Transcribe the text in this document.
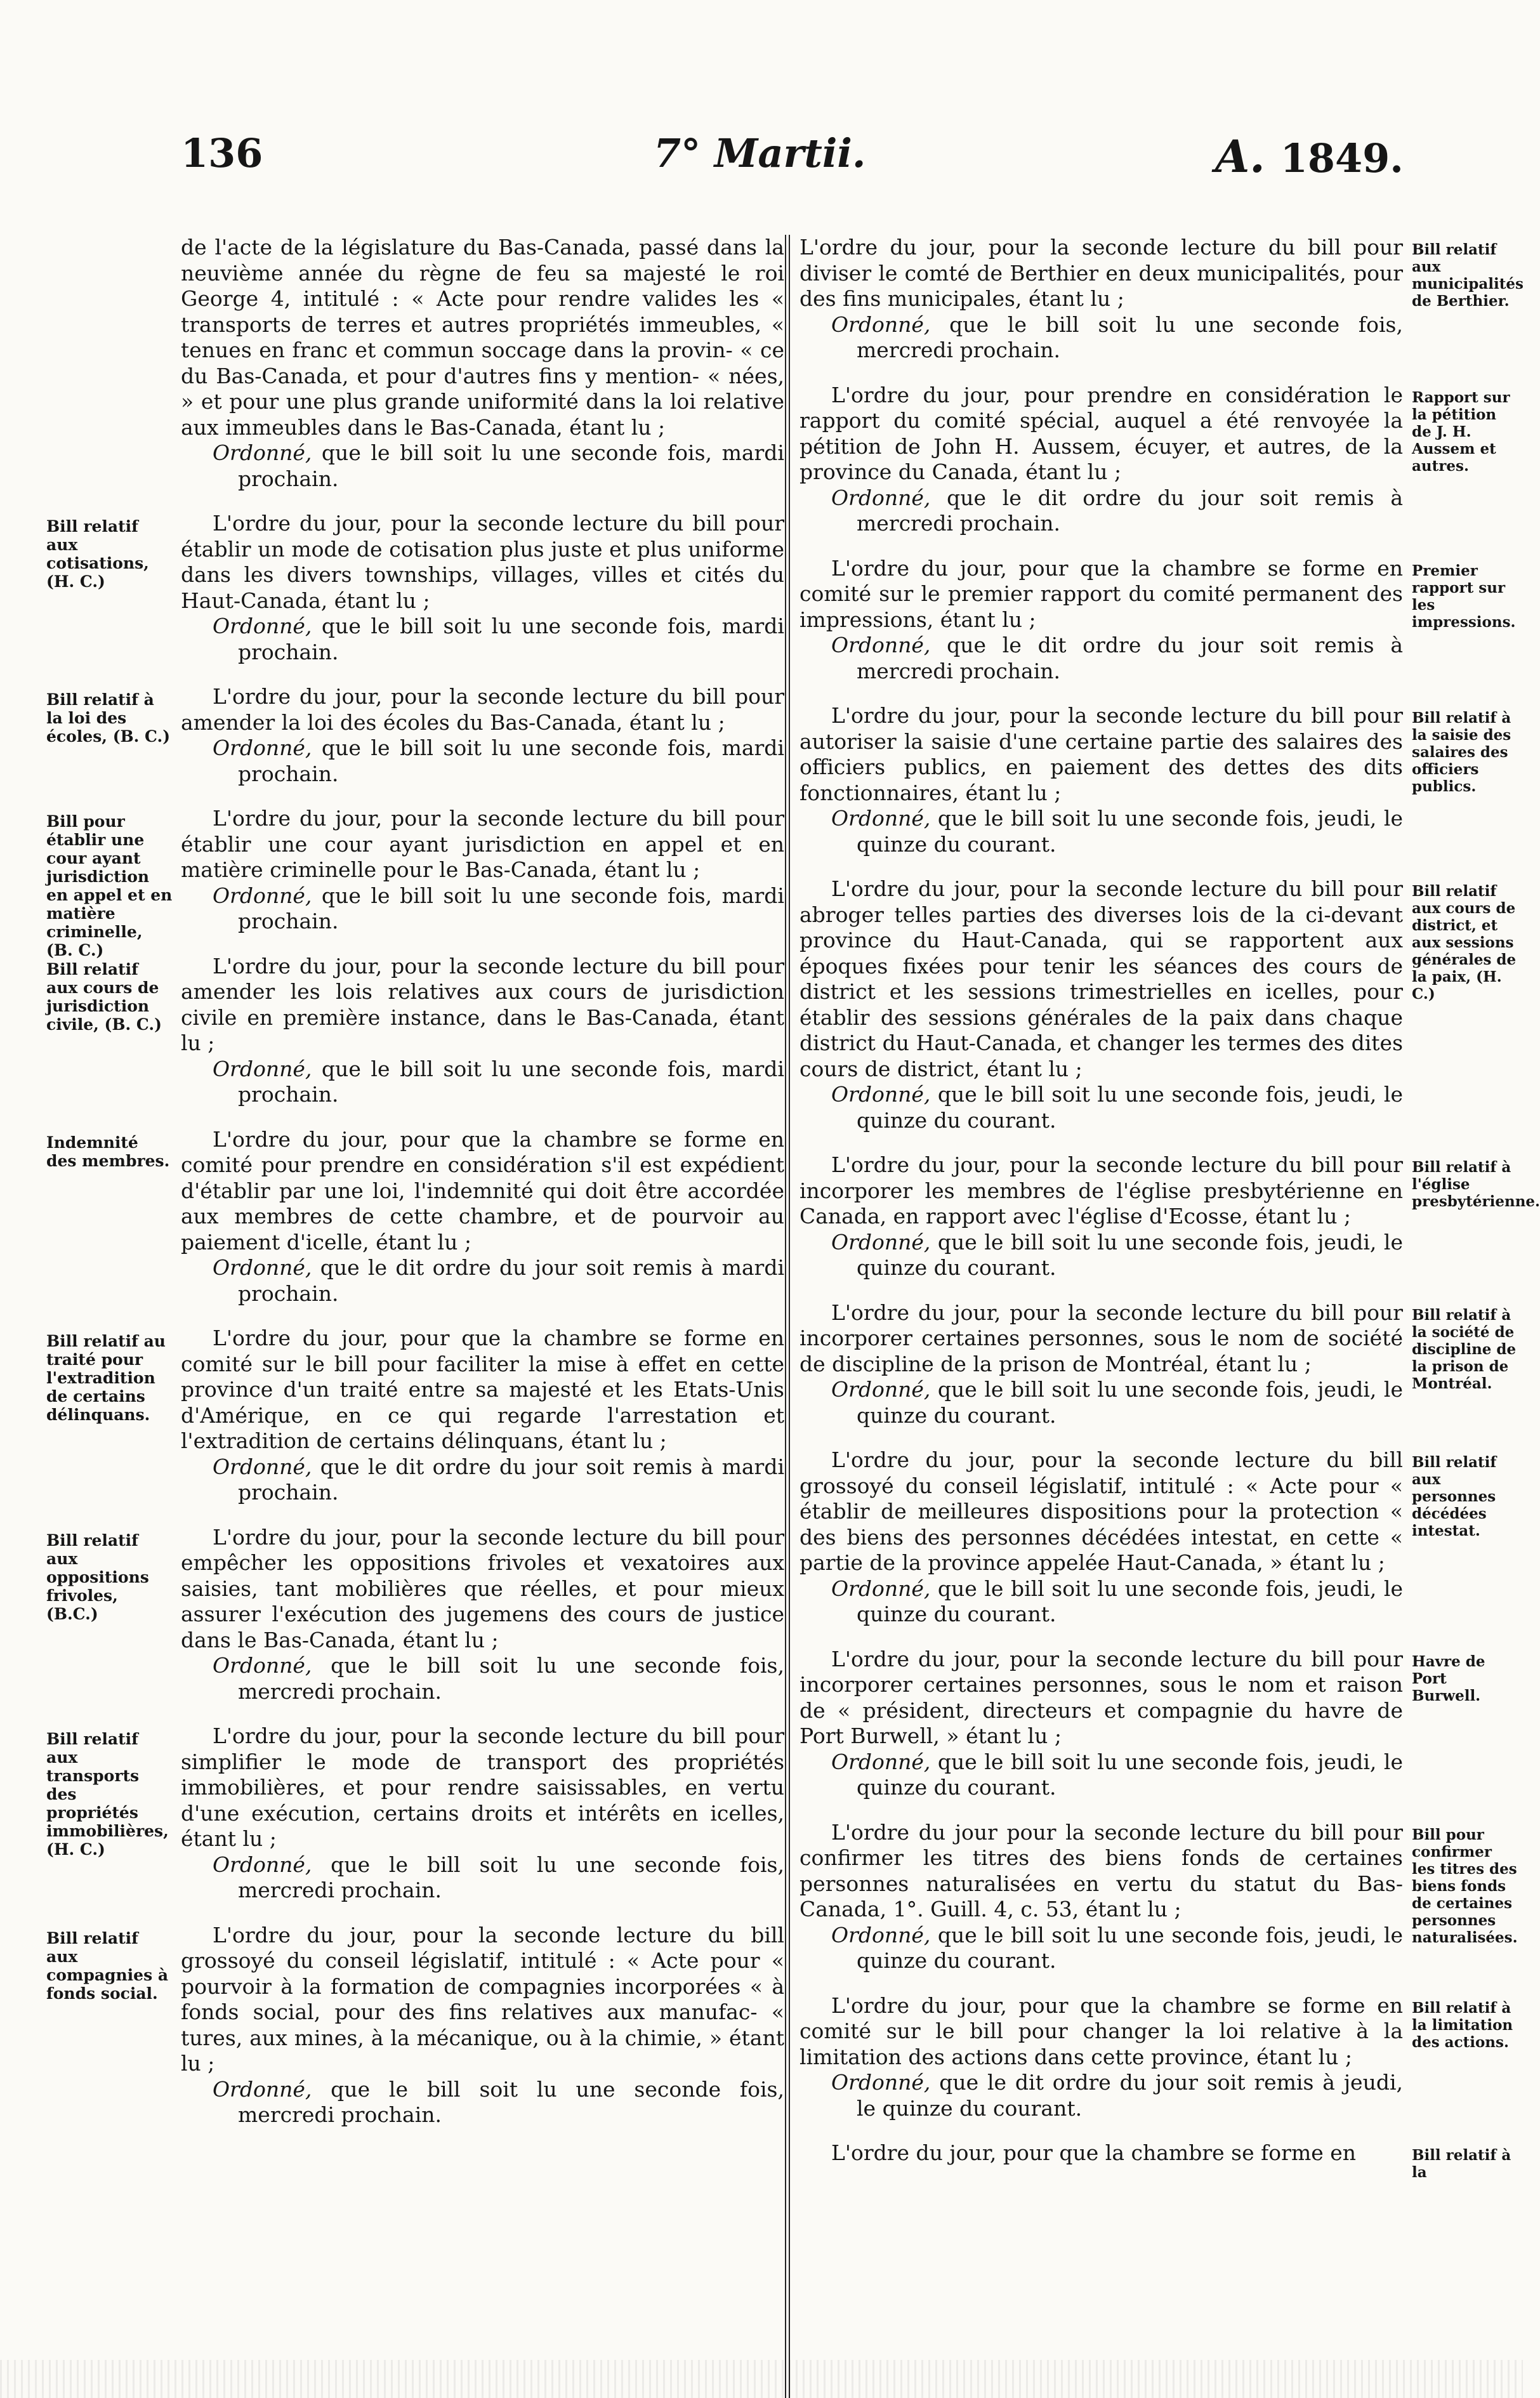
136	7° Martii.	A. 1849.

de l'acte de la législature du Bas-Canada, passé dans la neuvième année du règne de feu sa majesté le roi George 4, intitulé : « Acte pour rendre valides les « transports de terres et autres propriétés immeubles, « tenues en franc et commun soccage dans la provin- « ce du Bas-Canada, et pour d'autres fins y mention- « nées, » et pour une plus grande uniformité dans la loi relative aux immeubles dans le Bas-Canada, étant lu ;

Ordonné, que le bill soit lu une seconde fois, mardi prochain.

Bill relatif aux cotisations, (H. C.)

L'ordre du jour, pour la seconde lecture du bill pour établir un mode de cotisation plus juste et plus uniforme dans les divers townships, villages, villes et cités du Haut-Canada, étant lu ;

Ordonné, que le bill soit lu une seconde fois, mardi prochain.

Bill relatif à la loi des écoles, (B. C.)

L'ordre du jour, pour la seconde lecture du bill pour amender la loi des écoles du Bas-Canada, étant lu ;

Ordonné, que le bill soit lu une seconde fois, mardi prochain.

Bill pour établir une cour ayant jurisdiction en appel et en matière criminelle, (B. C.)

L'ordre du jour, pour la seconde lecture du bill pour établir une cour ayant jurisdiction en appel et en matière criminelle pour le Bas-Canada, étant lu ;

Ordonné, que le bill soit lu une seconde fois, mardi prochain.

Bill relatif aux cours de jurisdiction civile, (B. C.)

L'ordre du jour, pour la seconde lecture du bill pour amender les lois relatives aux cours de jurisdiction civile en première instance, dans le Bas-Canada, étant lu ;

Ordonné, que le bill soit lu une seconde fois, mardi prochain.

Indemnité des membres.

L'ordre du jour, pour que la chambre se forme en comité pour prendre en considération s'il est expédient d'établir par une loi, l'indemnité qui doit être accordée aux membres de cette chambre, et de pourvoir au paiement d'icelle, étant lu ;

Ordonné, que le dit ordre du jour soit remis à mardi prochain.

Bill relatif au traité pour l'extradition de certains délinquans.

L'ordre du jour, pour que la chambre se forme en comité sur le bill pour faciliter la mise à effet en cette province d'un traité entre sa majesté et les Etats-Unis d'Amérique, en ce qui regarde l'arrestation et l'extradition de certains délinquans, étant lu ;

Ordonné, que le dit ordre du jour soit remis à mardi prochain.

Bill relatif aux oppositions frivoles, (B.C.)

L'ordre du jour, pour la seconde lecture du bill pour empêcher les oppositions frivoles et vexatoires aux saisies, tant mobilières que réelles, et pour mieux assurer l'exécution des jugemens des cours de justice dans le Bas-Canada, étant lu ;

Ordonné, que le bill soit lu une seconde fois, mercredi prochain.

Bill relatif aux transports des propriétés immobilières, (H. C.)

L'ordre du jour, pour la seconde lecture du bill pour simplifier le mode de transport des propriétés immobilières, et pour rendre saisissables, en vertu d'une exécution, certains droits et intérêts en icelles, étant lu ;

Ordonné, que le bill soit lu une seconde fois, mercredi prochain.

Bill relatif aux compagnies à fonds social.

L'ordre du jour, pour la seconde lecture du bill grossoyé du conseil législatif, intitulé : « Acte pour « pourvoir à la formation de compagnies incorporées « à fonds social, pour des fins relatives aux manufac- « tures, aux mines, à la mécanique, ou à la chimie, » étant lu ;

Ordonné, que le bill soit lu une seconde fois, mercredi prochain.

Bill relatif aux municipalités de Berthier.

L'ordre du jour, pour la seconde lecture du bill pour diviser le comté de Berthier en deux municipalités, pour des fins municipales, étant lu ;

Ordonné, que le bill soit lu une seconde fois, mercredi prochain.

Rapport sur la pétition de J. H. Aussem et autres.

L'ordre du jour, pour prendre en considération le rapport du comité spécial, auquel a été renvoyée la pétition de John H. Aussem, écuyer, et autres, de la province du Canada, étant lu ;

Ordonné, que le dit ordre du jour soit remis à mercredi prochain.

Premier rapport sur les impressions.

L'ordre du jour, pour que la chambre se forme en comité sur le premier rapport du comité permanent des impressions, étant lu ;

Ordonné, que le dit ordre du jour soit remis à mercredi prochain.

Bill relatif à la saisie des salaires des officiers publics.

L'ordre du jour, pour la seconde lecture du bill pour autoriser la saisie d'une certaine partie des salaires des officiers publics, en paiement des dettes des dits fonctionnaires, étant lu ;

Ordonné, que le bill soit lu une seconde fois, jeudi, le quinze du courant.

Bill relatif aux cours de district, et aux sessions générales de la paix, (H. C.)

L'ordre du jour, pour la seconde lecture du bill pour abroger telles parties des diverses lois de la ci-devant province du Haut-Canada, qui se rapportent aux époques fixées pour tenir les séances des cours de district et les sessions trimestrielles en icelles, pour établir des sessions générales de la paix dans chaque district du Haut-Canada, et changer les termes des dites cours de district, étant lu ;

Ordonné, que le bill soit lu une seconde fois, jeudi, le quinze du courant.

Bill relatif à l'église presbytérienne.

L'ordre du jour, pour la seconde lecture du bill pour incorporer les membres de l'église presbytérienne en Canada, en rapport avec l'église d'Ecosse, étant lu ;

Ordonné, que le bill soit lu une seconde fois, jeudi, le quinze du courant.

Bill relatif à la société de discipline de la prison de Montréal.

L'ordre du jour, pour la seconde lecture du bill pour incorporer certaines personnes, sous le nom de société de discipline de la prison de Montréal, étant lu ;

Ordonné, que le bill soit lu une seconde fois, jeudi, le quinze du courant.

Bill relatif aux personnes décédées intestat.

L'ordre du jour, pour la seconde lecture du bill grossoyé du conseil législatif, intitulé : « Acte pour « établir de meilleures dispositions pour la protection « des biens des personnes décédées intestat, en cette « partie de la province appelée Haut-Canada, » étant lu ;

Ordonné, que le bill soit lu une seconde fois, jeudi, le quinze du courant.

Havre de Port Burwell.

L'ordre du jour, pour la seconde lecture du bill pour incorporer certaines personnes, sous le nom et raison de « président, directeurs et compagnie du havre de Port Burwell, » étant lu ;

Ordonné, que le bill soit lu une seconde fois, jeudi, le quinze du courant.

Bill pour confirmer les titres des biens fonds de certaines personnes naturalisées.

L'ordre du jour pour la seconde lecture du bill pour confirmer les titres des biens fonds de certaines personnes naturalisées en vertu du statut du Bas-Canada, 1°. Guill. 4, c. 53, étant lu ;

Ordonné, que le bill soit lu une seconde fois, jeudi, le quinze du courant.

Bill relatif à la limitation des actions.

L'ordre du jour, pour que la chambre se forme en comité sur le bill pour changer la loi relative à la limitation des actions dans cette province, étant lu ;

Ordonné, que le dit ordre du jour soit remis à jeudi, le quinze du courant.

Bill relatif à la

L'ordre du jour, pour que la chambre se forme en
